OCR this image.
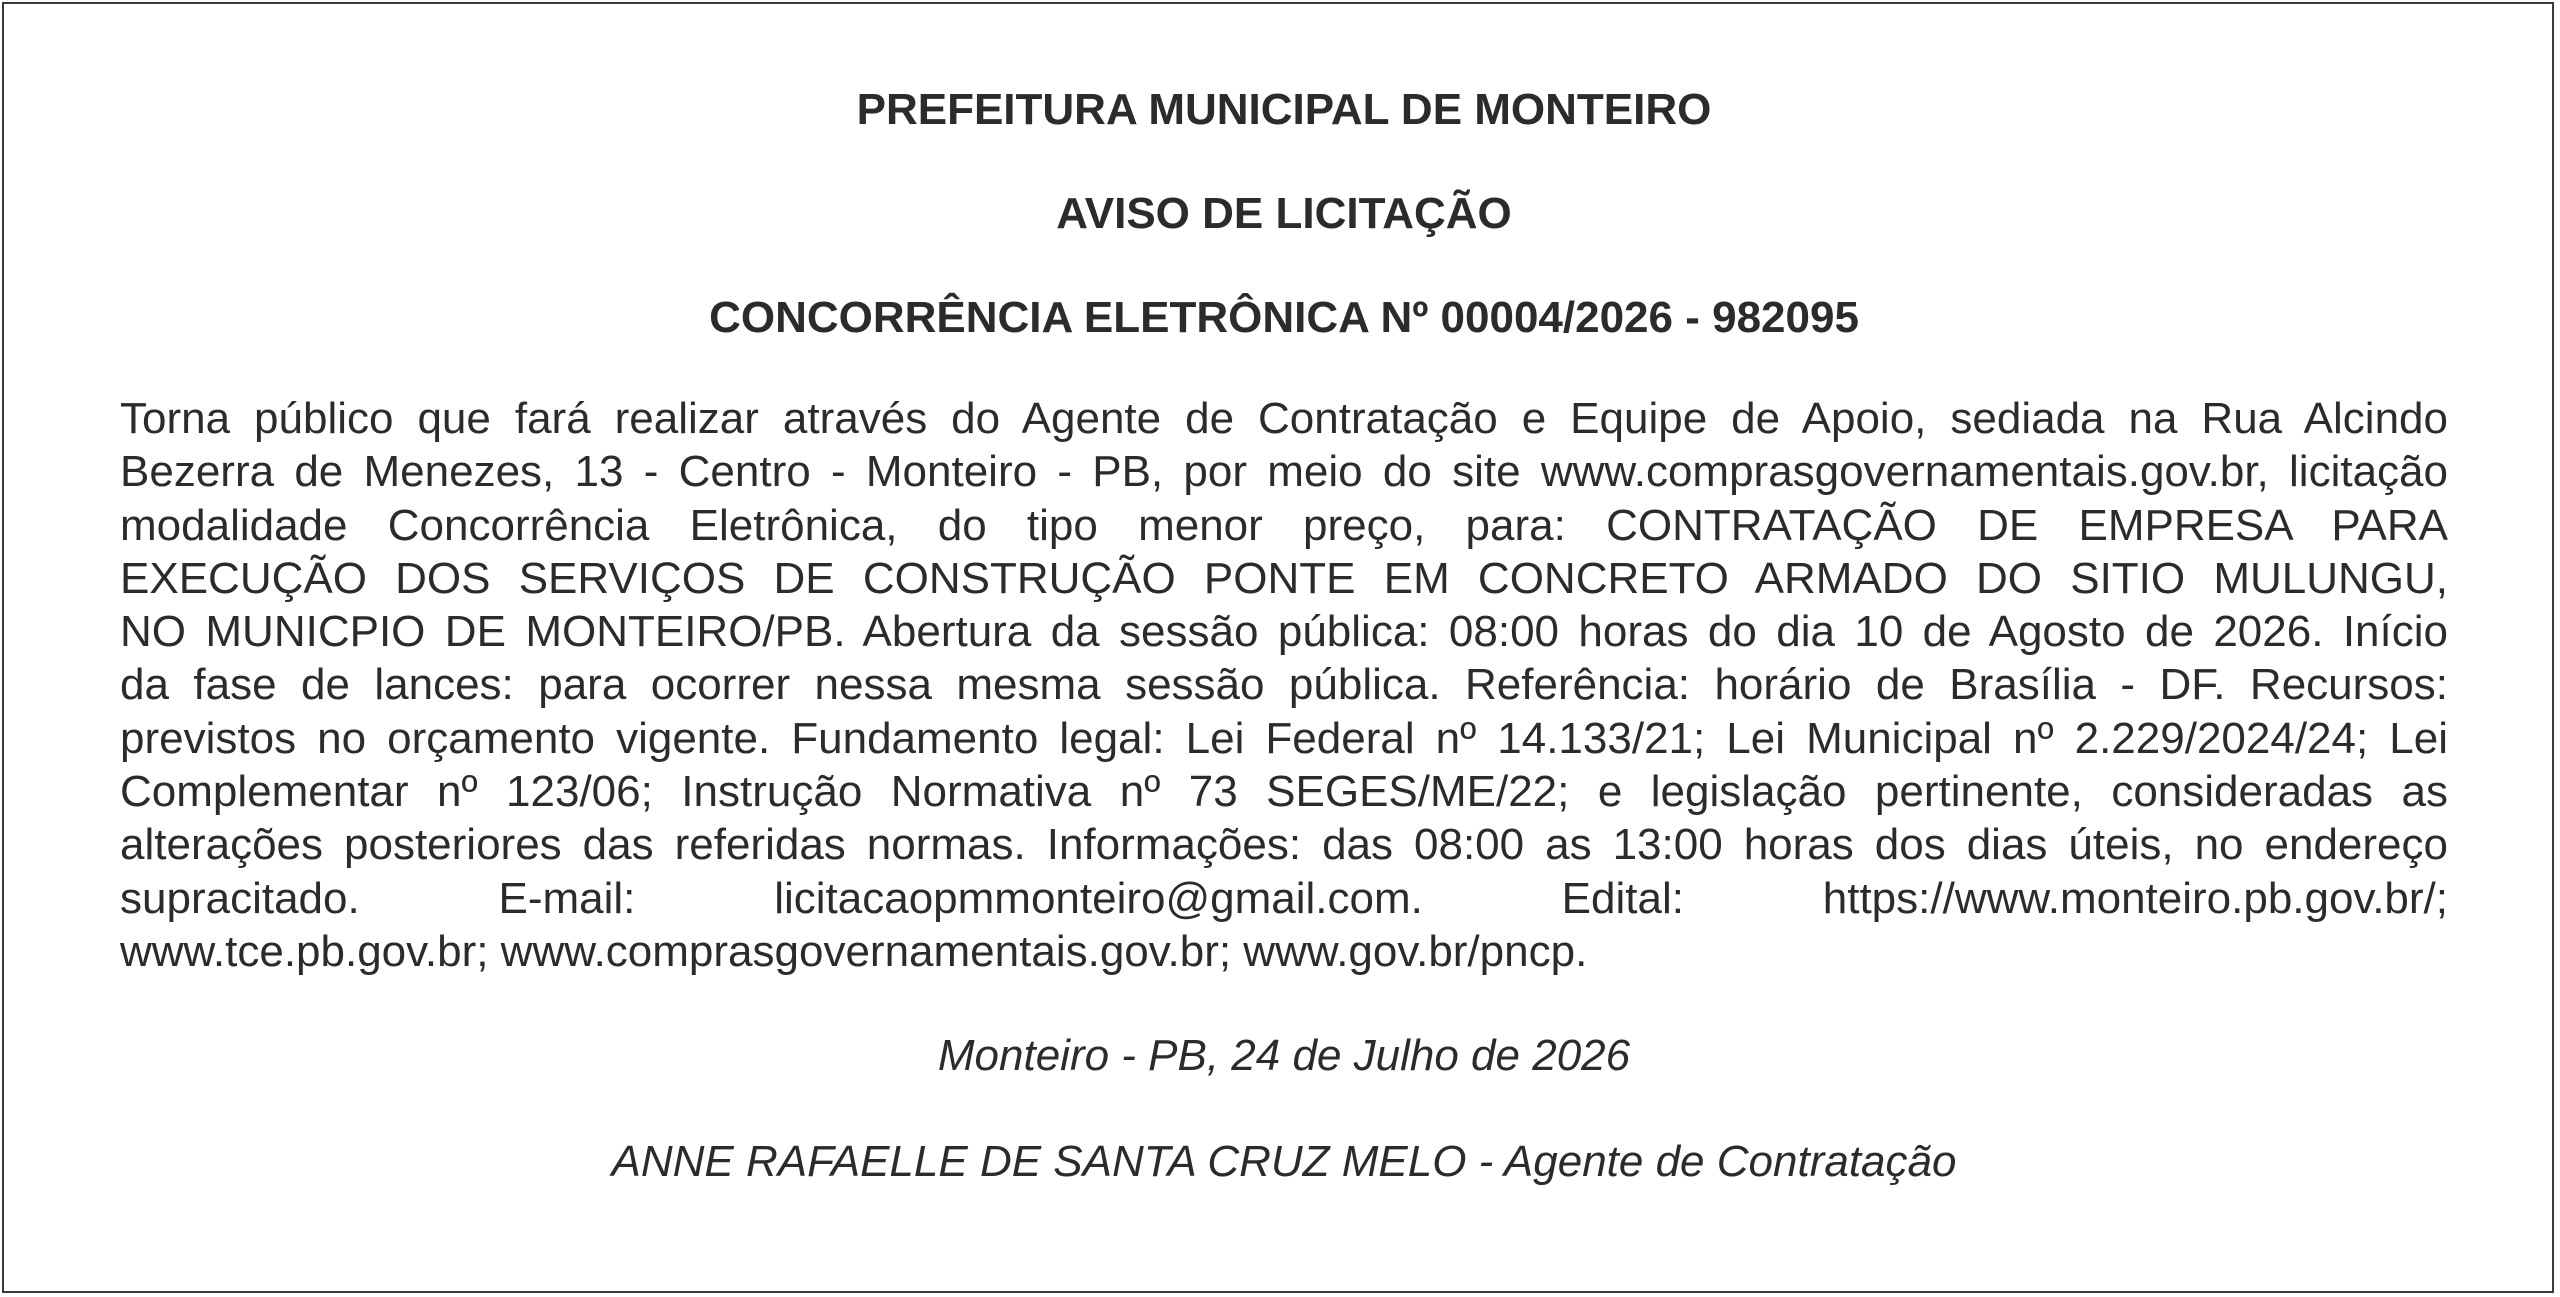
PREFEITURA MUNICIPAL DE MONTEIRO

AVISO DE LICITAÇÃO

CONCORRÊNCIA ELETRÔNICA Nº 00004/2026 - 982095

Torna público que fará realizar através do Agente de Contratação e Equipe de Apoio, sediada na Rua Alcindo
Bezerra de Menezes, 13 - Centro - Monteiro - PB, por meio do site www.comprasgovernamentais.gov.br, licitação
modalidade Concorrência Eletrônica, do tipo menor preço, para: CONTRATAÇÃO DE EMPRESA PARA
EXECUÇÃO DOS SERVIÇOS DE CONSTRUÇÃO PONTE EM CONCRETO ARMADO DO SITIO MULUNGU,
NO MUNICPIO DE MONTEIRO/PB. Abertura da sessão pública: 08:00 horas do dia 10 de Agosto de 2026. Início
da fase de lances: para ocorrer nessa mesma sessão pública. Referência: horário de Brasília - DF. Recursos:
previstos no orçamento vigente. Fundamento legal: Lei Federal nº 14.133/21; Lei Municipal nº 2.229/2024/24; Lei
Complementar nº 123/06; Instrução Normativa nº 73 SEGES/ME/22; e legislação pertinente, consideradas as
alterações posteriores das referidas normas. Informações: das 08:00 as 13:00 horas dos dias úteis, no endereço
supracitado. E-mail: licitacaopmmonteiro@gmail.com. Edital: https://www.monteiro.pb.gov.br/;
www.tce.pb.gov.br; www.comprasgovernamentais.gov.br; www.gov.br/pncp.

Monteiro - PB, 24 de Julho de 2026

ANNE RAFAELLE DE SANTA CRUZ MELO - Agente de Contratação
